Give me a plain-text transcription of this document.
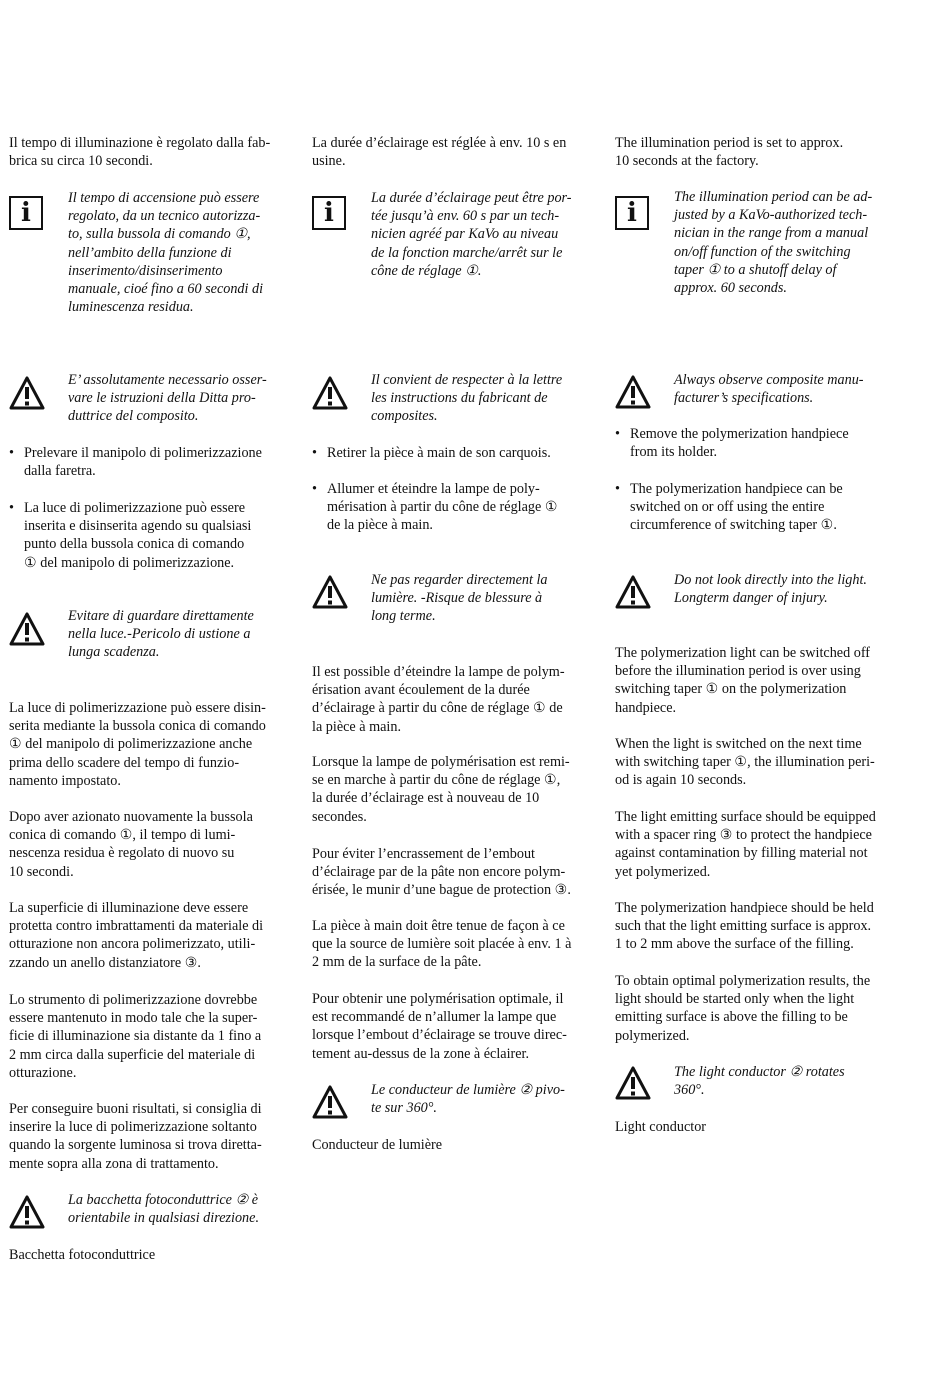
Il tempo di illuminazione è regolato dalla fab-
brica su circa 10 secondi.

i	Il tempo di accensione può essere
regolato, da un tecnico autorizza-
to, sulla bussola di comando ①,
nell’ambito della funzione di
inserimento/disinserimento
manuale, cioé fino a 60 secondi di
luminescenza residua.

E’ assolutamente necessario osser-
vare le istruzioni della Ditta pro-
duttrice del composito.

• Prelevare il manipolo di polimerizzazione
dalla faretra.

• La luce di polimerizzazione può essere
inserita e disinserita agendo su qualsiasi
punto della bussola conica di comando
① del manipolo di polimerizzazione.

Evitare di guardare direttamente
nella luce.-Pericolo di ustione a
lunga scadenza.

La luce di polimerizzazione può essere disin-
serita mediante la bussola conica di comando
① del manipolo di polimerizzazione anche
prima dello scadere del tempo di funzio-
namento impostato.

Dopo aver azionato nuovamente la bussola
conica di comando ①, il tempo di lumi-
nescenza residua è regolato di nuovo su
10 secondi.

La superficie di illuminazione deve essere
protetta contro imbrattamenti da materiale di
otturazione non ancora polimerizzato, utili-
zzando un anello distanziatore ③.

Lo strumento di polimerizzazione dovrebbe
essere mantenuto in modo tale che la super-
ficie di illuminazione sia distante da 1 fino a
2 mm circa dalla superficie del materiale di
otturazione.

Per conseguire buoni risultati, si consiglia di
inserire la luce di polimerizzazione soltanto
quando la sorgente luminosa si trova diretta-
mente sopra alla zona di trattamento.

La bacchetta fotoconduttrice ② è
orientabile in qualsiasi direzione.

Bacchetta fotoconduttrice

La durée d’éclairage est réglée à env. 10 s en
usine.

i	La durée d’éclairage peut être por-
tée jusqu’à env. 60 s par un tech-
nicien agréé par KaVo au niveau
de la fonction marche/arrêt sur le
cône de réglage ①.

Il convient de respecter à la lettre
les instructions du fabricant de
composites.

• Retirer la pièce à main de son carquois.

• Allumer et éteindre la lampe de poly-
mérisation à partir du cône de réglage ①
de la pièce à main.

Ne pas regarder directement la
lumière. -Risque de blessure à
long terme.

Il est possible d’éteindre la lampe de polym-
érisation avant écoulement de la durée
d’éclairage à partir du cône de réglage ① de
la pièce à main.

Lorsque la lampe de polymérisation est remi-
se en marche à partir du cône de réglage ①,
la durée d’éclairage est à nouveau de 10
secondes.

Pour éviter l’encrassement de l’embout
d’éclairage par de la pâte non encore polym-
érisée, le munir d’une bague de protection ③.

La pièce à main doit être tenue de façon à ce
que la source de lumière soit placée à env. 1 à
2 mm de la surface de la pâte.

Pour obtenir une polymérisation optimale, il
est recommandé de n’allumer la lampe que
lorsque l’embout d’éclairage se trouve direc-
tement au-dessus de la zone à éclairer.

Le conducteur de lumière ② pivo-
te sur 360°.

Conducteur de lumière

The illumination period is set to approx.
10 seconds at the factory.

i

The illumination period can be ad-
justed by a KaVo-authorized tech-
nician in the range from a manual
on/off function of the switching
taper ① to a shutoff delay of
approx. 60 seconds.

Always observe composite manu-
facturer’s specifications.

• Remove the polymerization handpiece
from its holder.

• The polymerization handpiece can be
switched on or off using the entire
circumference of switching taper ①.

Do not look directly into the light.
Longterm danger of injury.

The polymerization light can be switched off
before the illumination period is over using
switching taper ① on the polymerization
handpiece.

When the light is switched on the next time
with switching taper ①, the illumination peri-
od is again 10 seconds.

The light emitting surface should be equipped
with a spacer ring ③ to protect the handpiece
against contamination by filling material not
yet polymerized.

The polymerization handpiece should be held
such that the light emitting surface is approx.
1 to 2 mm above the surface of the filling.

To obtain optimal polymerization results, the
light should be started only when the light
emitting surface is above the filling to be
polymerized.

The light conductor ② rotates
360°.

Light conductor
